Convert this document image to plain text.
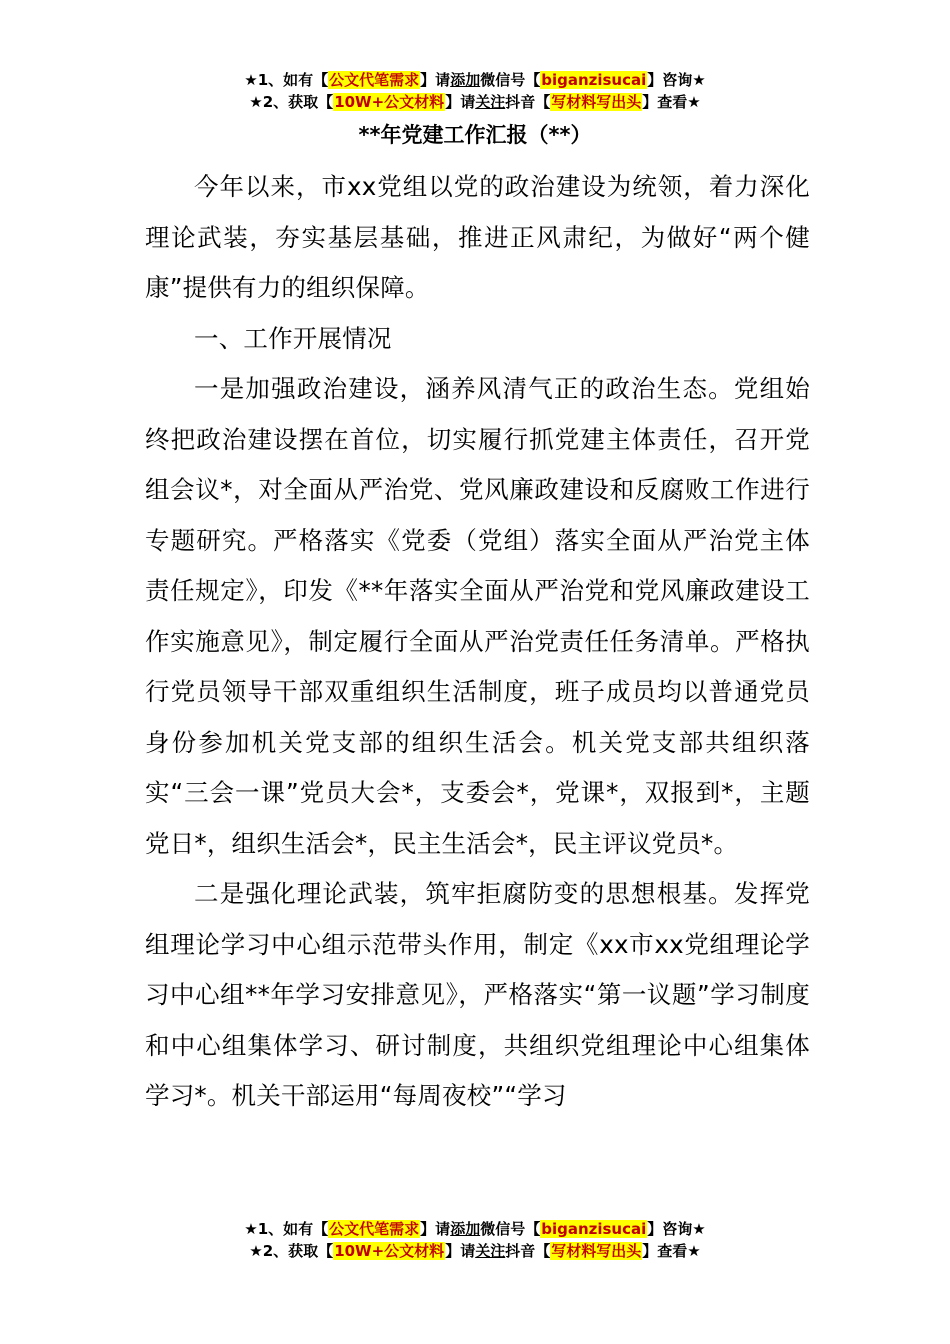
★1、如有【公文代笔需求】请添加微信号【biganzisucai】咨询★
★2、获取【10W+公文材料】请关注抖音【写材料写出头】查看★
**年党建工作汇报（**）

今年以来，市xx党组以党的政治建设为统领，着力深化理论武装，夯实基层基础，推进正风肃纪，为做好“两个健康”提供有力的组织保障。

一、工作开展情况

一是加强政治建设，涵养风清气正的政治生态。党组始终把政治建设摆在首位，切实履行抓党建主体责任，召开党组会议*，对全面从严治党、党风廉政建设和反腐败工作进行专题研究。严格落实《党委（党组）落实全面从严治党主体责任规定》，印发《**年落实全面从严治党和党风廉政建设工作实施意见》，制定履行全面从严治党责任任务清单。严格执行党员领导干部双重组织生活制度，班子成员均以普通党员身份参加机关党支部的组织生活会。机关党支部共组织落实“三会一课”党员大会*，支委会*，党课*，双报到*，主题党日*，组织生活会*，民主生活会*，民主评议党员*。

二是强化理论武装，筑牢拒腐防变的思想根基。发挥党组理论学习中心组示范带头作用，制定《xx市xx党组理论学习中心组**年学习安排意见》，严格落实“第一议题”学习制度和中心组集体学习、研讨制度，共组织党组理论中心组集体学习*。机关干部运用“每周夜校”“学习

★1、如有【公文代笔需求】请添加微信号【biganzisucai】咨询★
★2、获取【10W+公文材料】请关注抖音【写材料写出头】查看★
